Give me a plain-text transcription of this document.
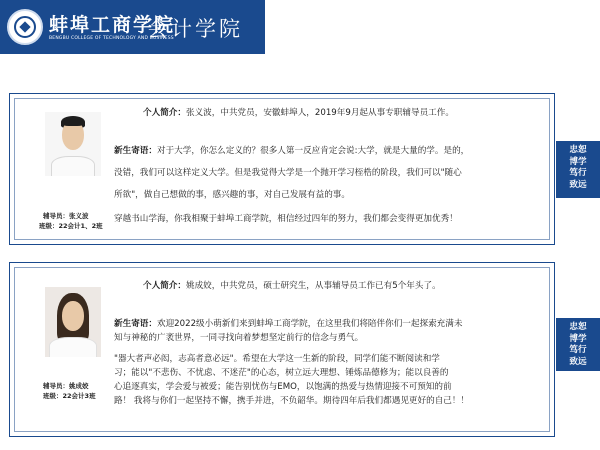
蚌埠工商学院
BENGBU COLLEGE OF TECHNOLOGY AND BUSINESS
会计学院
辅导员：张义波
班级：22会计1、2班
个人简介：张义波，中共党员，安徽蚌埠人，2019年9月起从事专职辅导员工作。
新生寄语：对于大学，你怎么定义的？很多人第一反应肯定会说:大学，就是大量的学。是的，
没错，我们可以这样定义大学。但是我觉得大学是一个抛开学习桎梏的阶段，我们可以"随心
所欲"，做自己想做的事，感兴趣的事，对自己发展有益的事。
穿越书山学海，你我相聚于蚌埠工商学院，相信经过四年的努力，我们都会变得更加优秀！
忠恕
博学
笃行
致远
辅导员：姚成姣
班级：22会计3班
个人简介：姚成姣，中共党员，硕士研究生，从事辅导员工作已有5个年头了。
新生寄语：欢迎2022级小萌新们来到蚌埠工商学院，在这里我们将陪伴你们一起探索充满未
知与神秘的广袤世界，一同寻找向着梦想坚定前行的信念与勇气。
"器大者声必闳，志高者意必远"。希望在大学这一生新的阶段，同学们能不断阅读和学
习；能以"不悲伤、不忧虑、不迷茫"的心态，树立远大理想、锤炼品德修为；能以良善的
心追逐真实，学会爱与被爱；能告别忧伤与EMO，以饱满的热爱与热情迎接不可预知的前
路！ 我将与你们一起坚持不懈，携手并进，不负韶华。期待四年后我们都遇见更好的自己！！
忠恕
博学
笃行
致远
